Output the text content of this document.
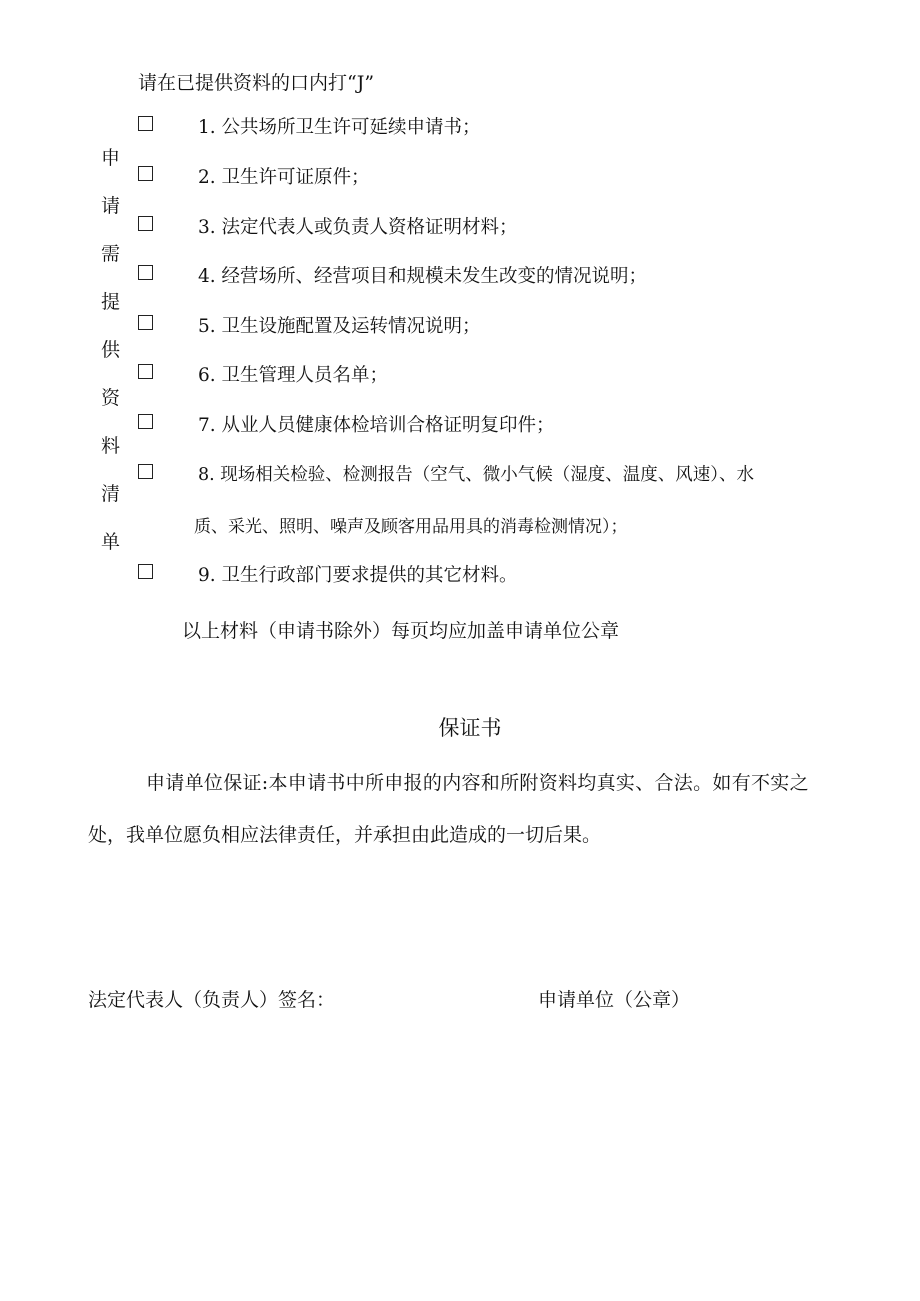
请在已提供资料的口内打“J”
申
请
需
提
供
资
料
清
单
1. 公共场所卫生许可延续申请书；
2. 卫生许可证原件；
3. 法定代表人或负责人资格证明材料；
4. 经营场所、经营项目和规模未发生改变的情况说明；
5. 卫生设施配置及运转情况说明；
6. 卫生管理人员名单；
7. 从业人员健康体检培训合格证明复印件；
8. 现场相关检验、检测报告（空气、微小气候（湿度、温度、风速）、水
质、采光、照明、噪声及顾客用品用具的消毒检测情况）；
9. 卫生行政部门要求提供的其它材料。
以上材料（申请书除外）每页均应加盖申请单位公章
保证书
申请单位保证:本申请书中所申报的内容和所附资料均真实、合法。如有不实之
处，我单位愿负相应法律责任，并承担由此造成的一切后果。
法定代表人（负责人）签名：	申请单位（公章）
